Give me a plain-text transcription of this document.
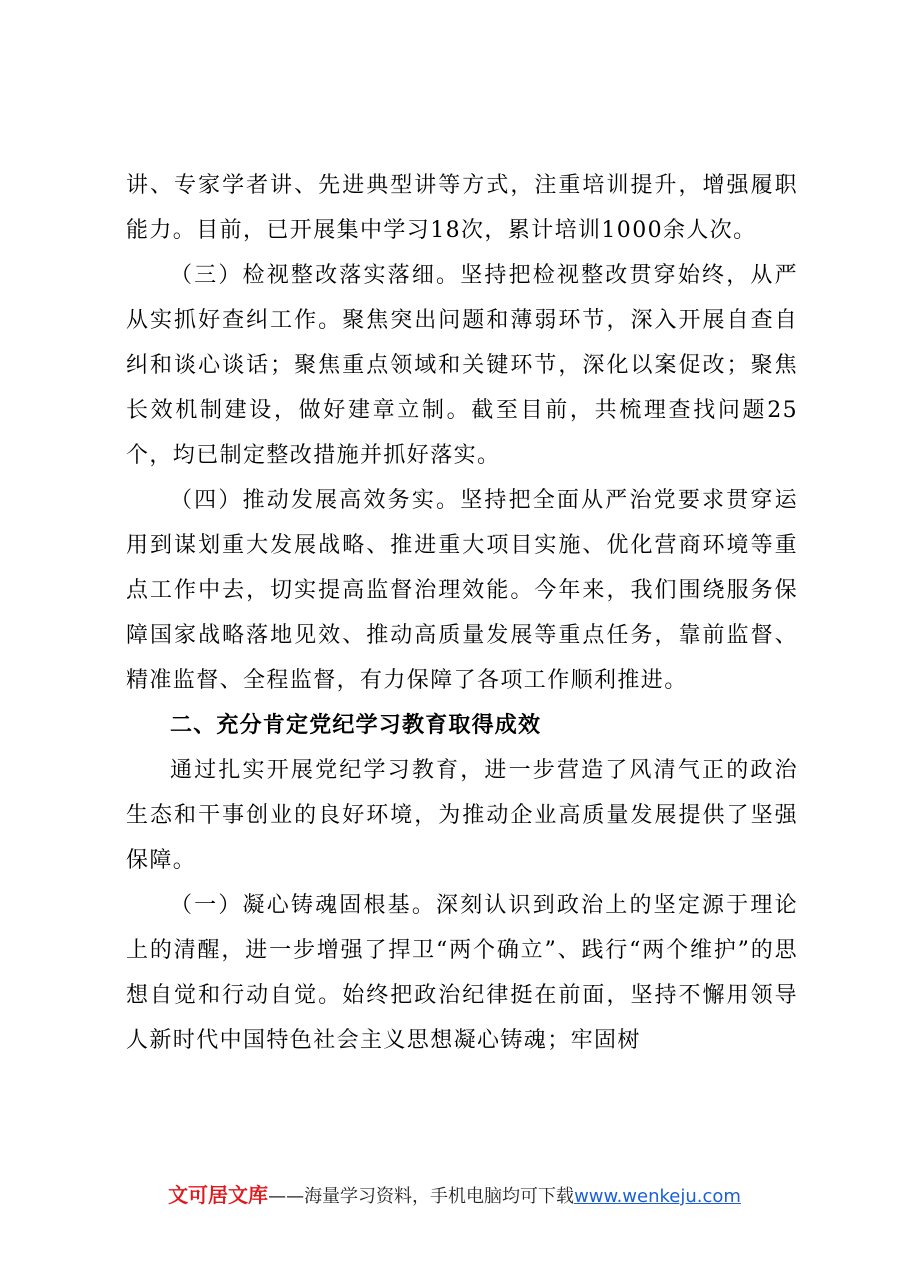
讲、专家学者讲、先进典型讲等方式，注重培训提升，增强履职能力。目前，已开展集中学习18次，累计培训1000余人次。

（三）检视整改落实落细。坚持把检视整改贯穿始终，从严从实抓好查纠工作。聚焦突出问题和薄弱环节，深入开展自查自纠和谈心谈话；聚焦重点领域和关键环节，深化以案促改；聚焦长效机制建设，做好建章立制。截至目前，共梳理查找问题25个，均已制定整改措施并抓好落实。

（四）推动发展高效务实。坚持把全面从严治党要求贯穿运用到谋划重大发展战略、推进重大项目实施、优化营商环境等重点工作中去，切实提高监督治理效能。今年来，我们围绕服务保障国家战略落地见效、推动高质量发展等重点任务，靠前监督、精准监督、全程监督，有力保障了各项工作顺利推进。

二、充分肯定党纪学习教育取得成效

通过扎实开展党纪学习教育，进一步营造了风清气正的政治生态和干事创业的良好环境，为推动企业高质量发展提供了坚强保障。

（一）凝心铸魂固根基。深刻认识到政治上的坚定源于理论上的清醒，进一步增强了捍卫“两个确立”、践行“两个维护”的思想自觉和行动自觉。始终把政治纪律挺在前面，坚持不懈用领导人新时代中国特色社会主义思想凝心铸魂；牢固树

文可居文库——海量学习资料，手机电脑均可下载www.wenkeju.com
